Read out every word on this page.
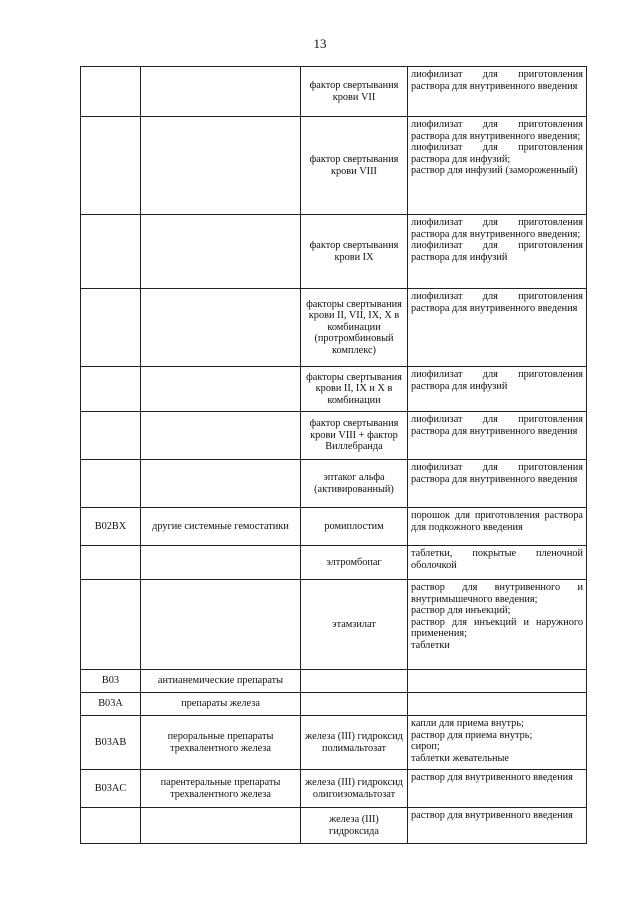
13
		фактор свертывания крови VII	лиофилизат для приготовления раствора для внутривенного введения

		фактор свертывания крови VIII	лиофилизат для приготовления раствора для внутривенного введения;
лиофилизат для приготовления раствора для инфузий;
раствор для инфузий (замороженный)

		фактор свертывания крови IX	лиофилизат для приготовления раствора для внутривенного введения;
лиофилизат для приготовления раствора для инфузий

		факторы свертывания крови II, VII, IX, X в комбинации (протромбиновый комплекс)	лиофилизат для приготовления раствора для внутривенного введения

		факторы свертывания крови II, IX и X в комбинации	лиофилизат для приготовления раствора для инфузий

		фактор свертывания крови VIII + фактор Виллебранда	лиофилизат для приготовления раствора для внутривенного введения

		эптаког альфа (активированный)	лиофилизат для приготовления раствора для внутривенного введения

B02BX	другие системные гемостатики	ромиплостим	порошок для приготовления раствора для подкожного введения

		элтромбопаг	таблетки, покрытые пленочной оболочкой

		этамзилат	раствор для внутривенного и внутримышечного введения;
раствор для инъекций;
раствор для инъекций и наружного применения;
таблетки

B03	антианемические препараты		
B03A	препараты железа		
B03AB	пероральные препараты трехвалентного железа	железа (III) гидроксид полимальтозат	капли для приема внутрь;
раствор для приема внутрь;
сироп;
таблетки жевательные

B03AC	парентеральные препараты трехвалентного железа	железа (III) гидроксид олигоизомальтозат	раствор для внутривенного введения

		железа (III) гидроксида	раствор для внутривенного введения
